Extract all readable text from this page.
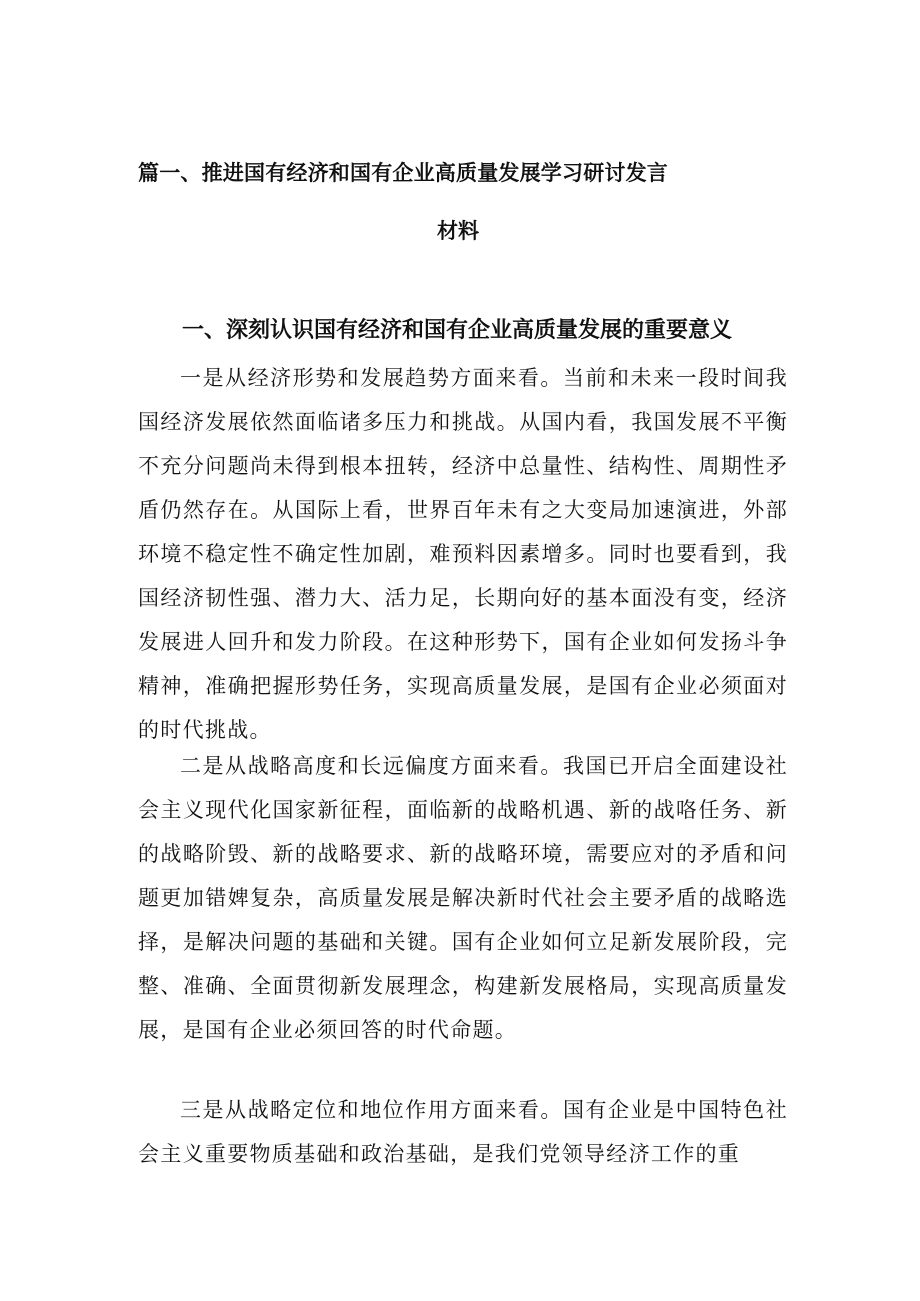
篇一、推进国有经济和国有企业高质量发展学习研讨发言
材料
一、深刻认识国有经济和国有企业高质量发展的重要意义

一是从经济形势和发展趋势方面来看。当前和未来一段时间我国经济发展依然面临诸多压力和挑战。从国内看，我国发展不平衡不充分问题尚未得到根本扭转，经济中总量性、结构性、周期性矛盾仍然存在。从国际上看，世界百年未有之大变局加速演进，外部环境不稳定性不确定性加剧，难预料因素增多。同时也要看到，我国经济韧性强、潜力大、活力足，长期向好的基本面没有变，经济发展进人回升和发力阶段。在这种形势下，国有企业如何发扬斗争精神，准确把握形势任务，实现高质量发展，是国有企业必须面对的时代挑战。

二是从战略高度和长远偏度方面来看。我国已开启全面建设社会主义现代化国家新征程，面临新的战略机遇、新的战咯任务、新的战略阶毁、新的战略要求、新的战略环境，需要应对的矛盾和问题更加错婢复杂，高质量发展是解决新时代社会主要矛盾的战略选择，是解决问题的基础和关键。国有企业如何立足新发展阶段，完整、准确、全面贯彻新发展理念，构建新发展格局，实现高质量发展，是国有企业必须回答的时代命题。

三是从战略定位和地位作用方面来看。国有企业是中国特色社会主义重要物质基础和政治基础，是我们党领导经济工作的重
